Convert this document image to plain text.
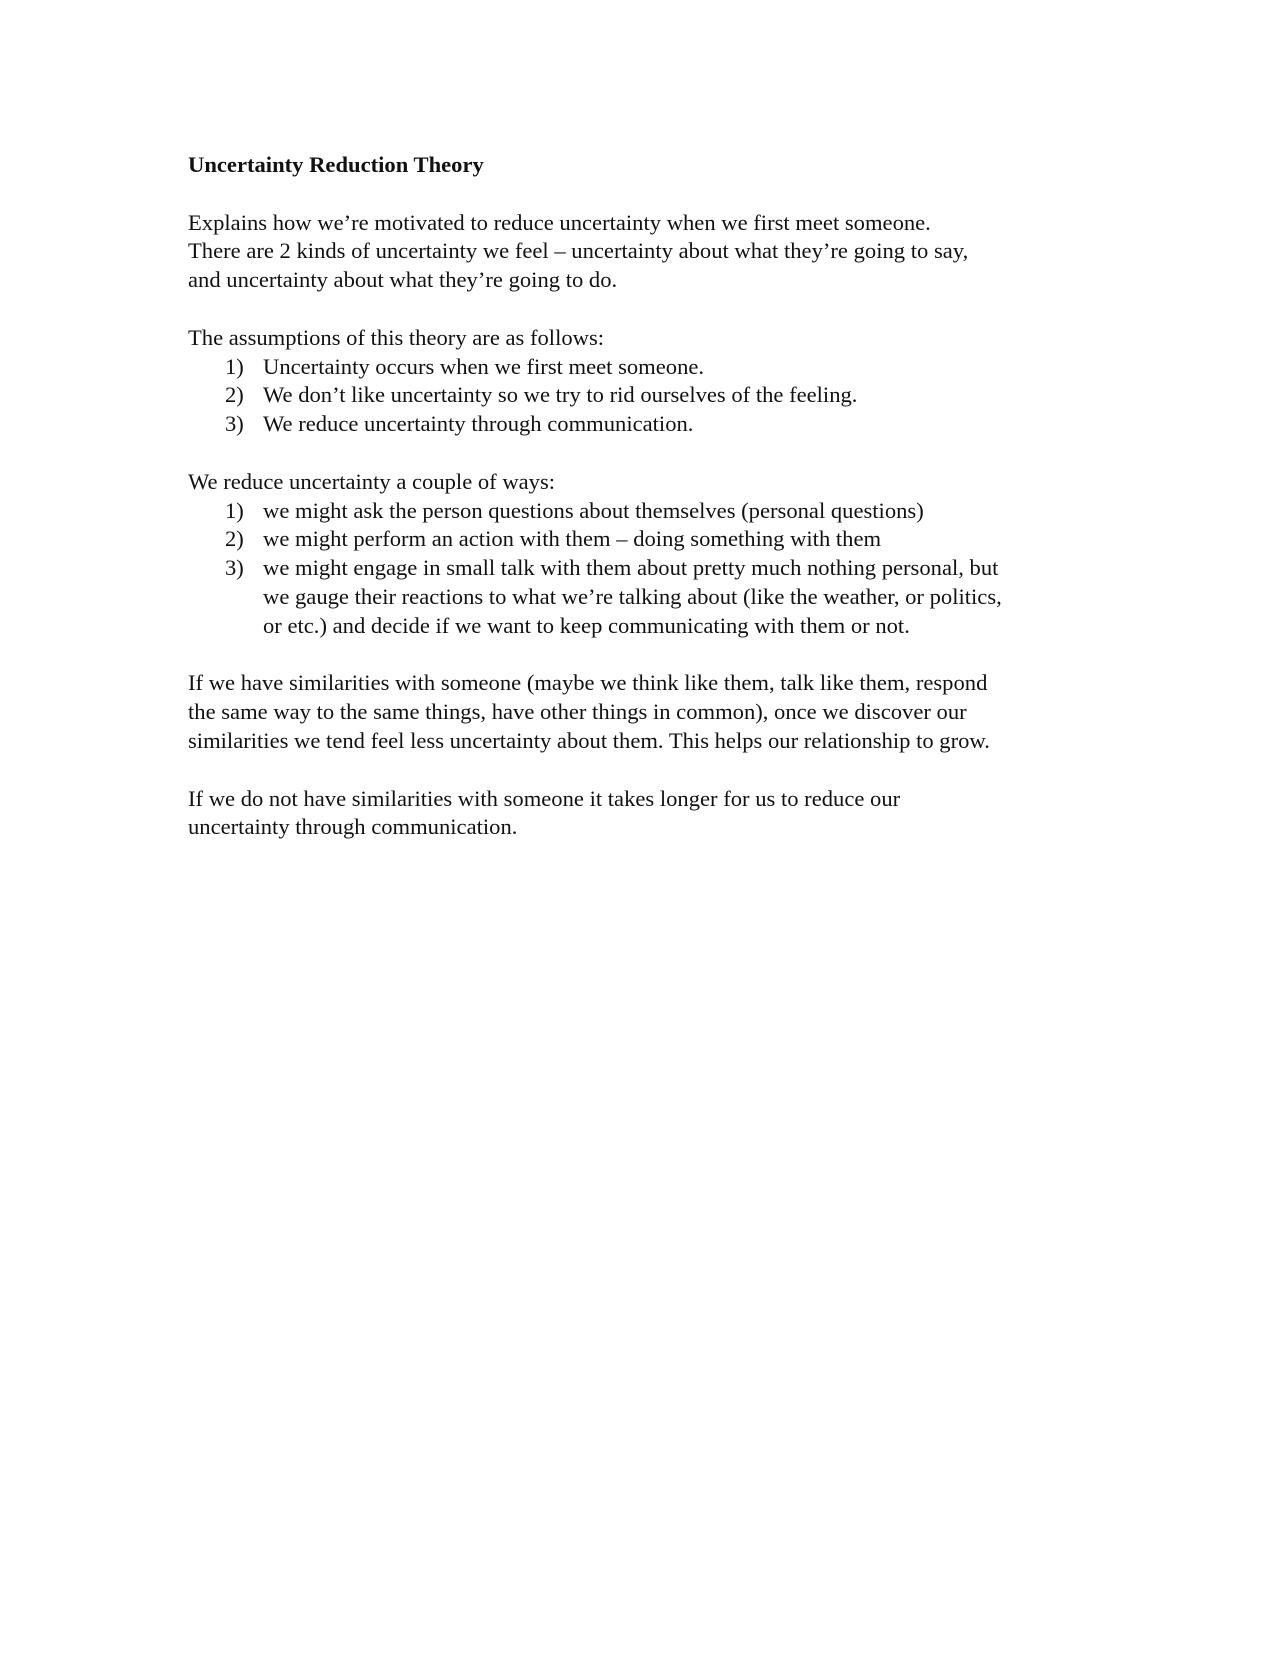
Uncertainty Reduction Theory

Explains how we’re motivated to reduce uncertainty when we first meet someone.
There are 2 kinds of uncertainty we feel – uncertainty about what they’re going to say,
and uncertainty about what they’re going to do.

The assumptions of this theory are as follows:

1) Uncertainty occurs when we first meet someone.
2) We don’t like uncertainty so we try to rid ourselves of the feeling.
3) We reduce uncertainty through communication.

We reduce uncertainty a couple of ways:

1) we might ask the person questions about themselves (personal questions)
2) we might perform an action with them – doing something with them
3) we might engage in small talk with them about pretty much nothing personal, but
we gauge their reactions to what we’re talking about (like the weather, or politics,
or etc.) and decide if we want to keep communicating with them or not.

If we have similarities with someone (maybe we think like them, talk like them, respond
the same way to the same things, have other things in common), once we discover our
similarities we tend feel less uncertainty about them. This helps our relationship to grow.

If we do not have similarities with someone it takes longer for us to reduce our
uncertainty through communication.
